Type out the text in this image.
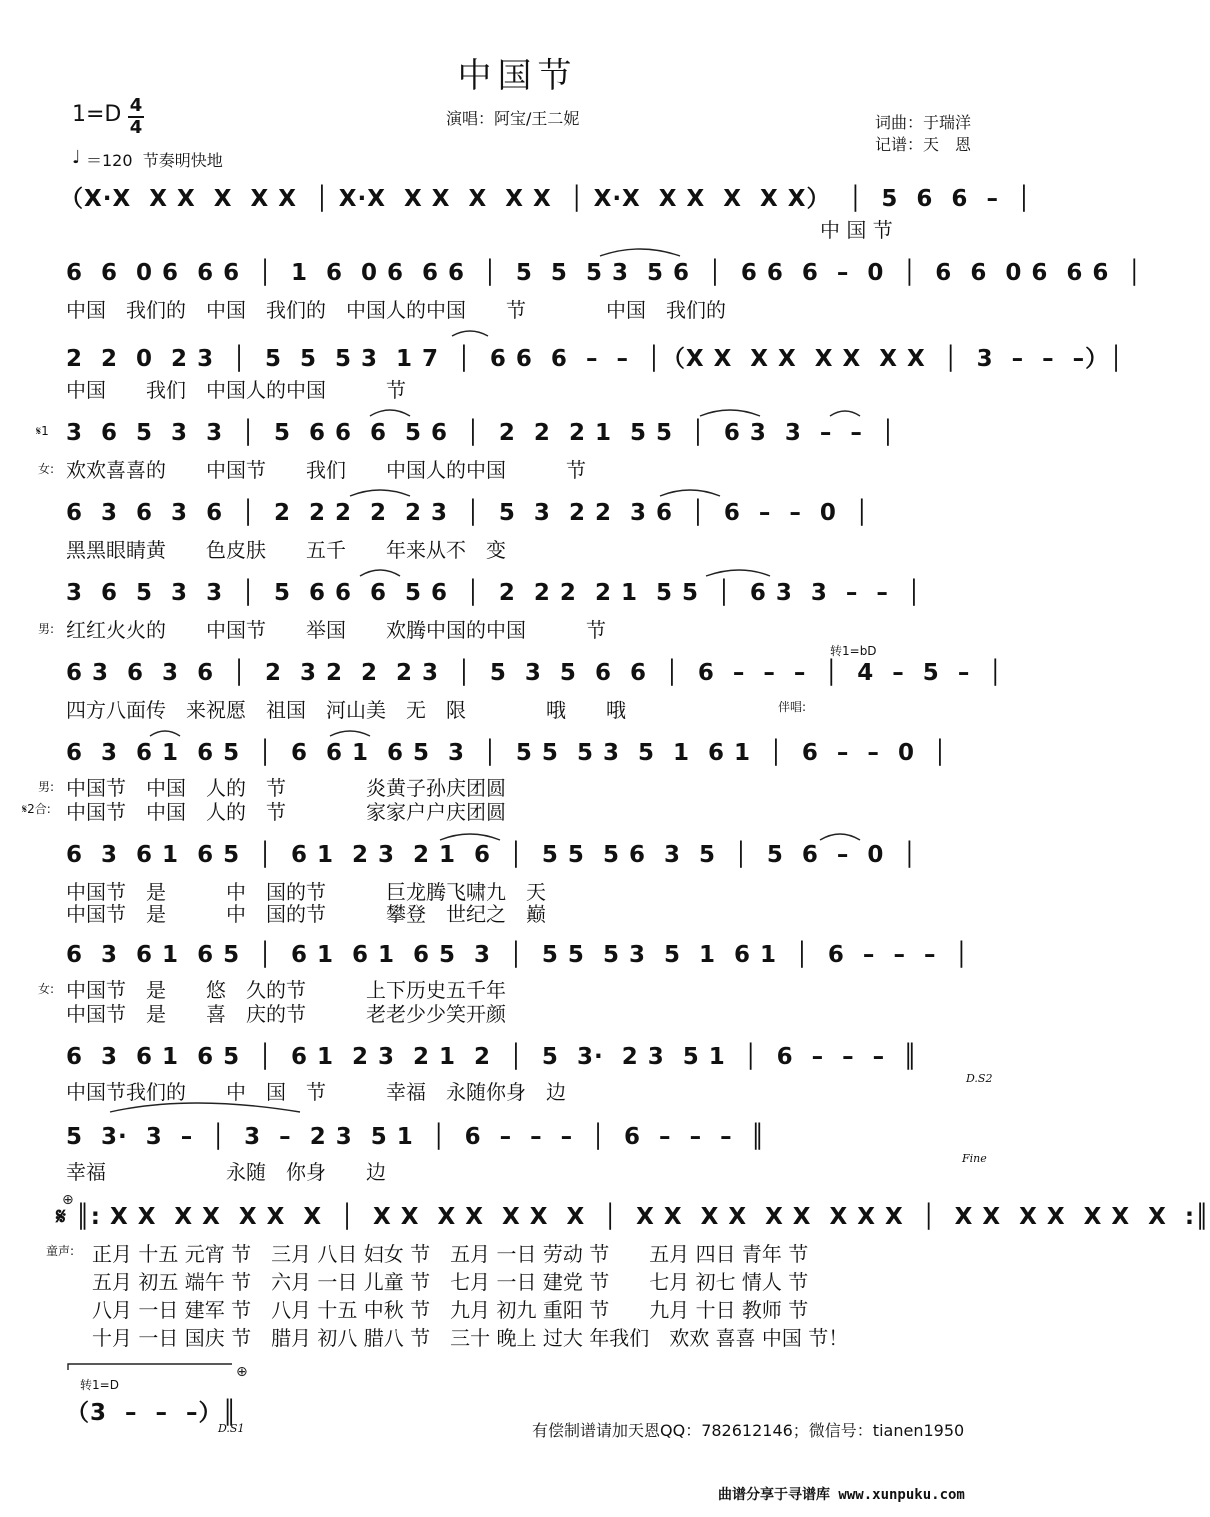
中国节
1=D 4
4	演唱：阿宝/王二妮	词曲：于瑞洋
记谱：天　恩
♩ ＝120  节奏明快地
（X·X  X X  X  X X  │ X·X  X X  X  X X  │ X·X  X X  X  X X）  │  5  6  6  –  │
中 国 节
6  6  0 6  6 6  │  1  6  0 6  6 6  │  5  5  5 3  5 6  │  6 6  6  –  0  │  6  6  0 6  6 6  │
中国　我们的　中国　我们的　中国人的中国　　节　　　　中国　我们的
2  2  0  2 3  │  5  5  5 3  1 7  │  6 6  6  –  –  │（X X  X X  X X  X X  │  3  –  –  –）│
中国　　我们　中国人的中国　　　节
𝄋1
女:
3  6  5  3  3  │  5  6 6  6  5 6  │  2  2  2 1  5 5  │  6 3  3  –  –  │
欢欢喜喜的　　中国节　　我们　　中国人的中国　　　节
6  3  6  3  6  │  2  2 2  2  2 3  │  5  3  2 2  3 6  │  6  –  –  0  │
黑黑眼睛黄　　色皮肤　　五千　　年来从不　变
男:
3  6  5  3  3  │  5  6 6  6  5 6  │  2  2 2  2 1  5 5  │  6 3  3  –  –  │
红红火火的　　中国节　　举国　　欢腾中国的中国　　　节
转1=bD
6 3  6  3  6  │  2  3 2  2  2 3  │  5  3  5  6  6  │  6  –  –  –  │  4  –  5  –  │
四方八面传　来祝愿　祖国　河山美　无　限　　　　哦　　哦	伴唱:
男:
𝄋2合:
6  3  6 1  6 5  │  6  6 1  6 5  3  │  5 5  5 3  5  1  6 1  │  6  –  –  0  │
中国节　中国　人的　节　　　　炎黄子孙庆团圆
中国节　中国　人的　节　　　　家家户户庆团圆
6  3  6 1  6 5  │  6 1  2 3  2 1  6  │  5 5  5 6  3  5  │  5  6  –  0  │
中国节　是　　　中　国的节　　　巨龙腾飞啸九　天
中国节　是　　　中　国的节　　　攀登　世纪之　巅
女:
6  3  6 1  6 5  │  6 1  6 1  6 5  3  │  5 5  5 3  5  1  6 1  │  6  –  –  –  │
中国节　是　　悠　久的节　　　上下历史五千年
中国节　是　　喜　庆的节　　　老老少少笑开颜
6  3  6 1  6 5  │  6 1  2 3  2 1  2  │  5  3·  2 3  5 1  │  6  –  –  –  ║
中国节我们的　　中　国　节　　　幸福　永随你身　边
D.S2
5  3·  3  –  │  3  –  2 3  5 1  │  6  –  –  –  │  6  –  –  –  ║
幸福　　　　　　永随　你身　　边
Fine
童声:
𝄋 ║: X X  X X  X X  X  │  X X  X X  X X  X  │  X X  X X  X X  X X X  │  X X  X X  X X  X  :║
正月 十五 元宵 节　三月 八日 妇女 节　五月 一日 劳动 节　　五月 四日 青年 节
五月 初五 端午 节　六月 一日 儿童 节　七月 一日 建党 节　　七月 初七 情人 节
八月 一日 建军 节　八月 十五 中秋 节　九月 初九 重阳 节　　九月 十日 教师 节
十月 一日 国庆 节　腊月 初八 腊八 节　三十 晚上 过大 年我们　欢欢 喜喜 中国 节！
转1=D
（3  –  –  –）║
D.S1	有偿制谱请加天恩QQ：782612146；微信号：tianen1950
曲谱分享于寻谱库 www.xunpuku.com
⊕
⊕
